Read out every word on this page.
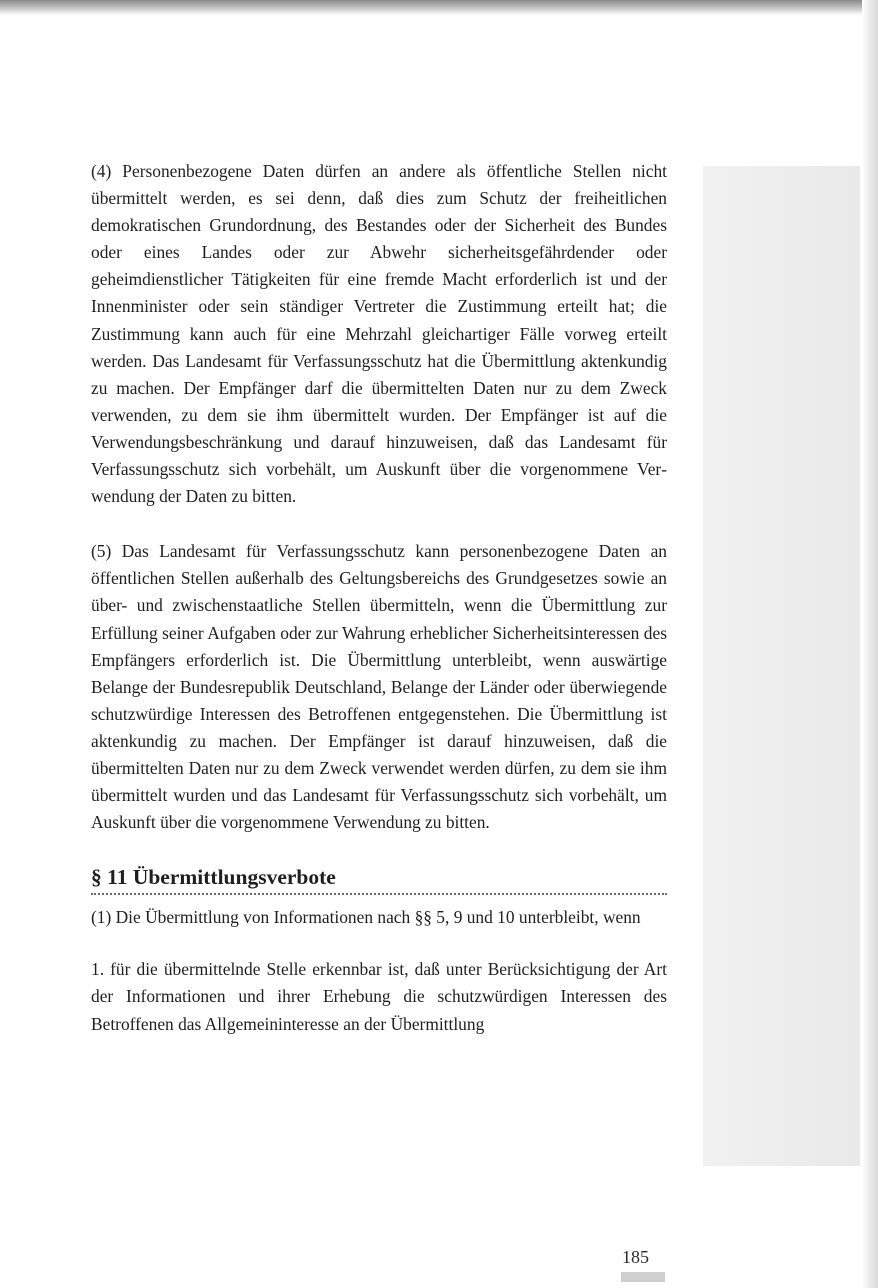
(4) Personenbezogene Daten dürfen an andere als öffentliche Stellen nicht übermittelt werden, es sei denn, daß dies zum Schutz der freiheitlichen demokratischen Grundordnung, des Bestandes oder der Sicherheit des Bundes oder eines Landes oder zur Abwehr sicherheitsgefährdender oder geheimdienstlicher Tätigkeiten für eine fremde Macht erforderlich ist und der Innenminister oder sein ständiger Vertreter die Zustimmung erteilt hat; die Zustimmung kann auch für eine Mehrzahl gleichartiger Fälle vorweg erteilt werden. Das Landesamt für Verfassungsschutz hat die Übermittlung aktenkundig zu machen. Der Empfänger darf die übermittelten Daten nur zu dem Zweck verwenden, zu dem sie ihm übermittelt wurden. Der Empfänger ist auf die Verwendungsbeschränkung und darauf hinzuweisen, daß das Landesamt für Verfassungsschutz sich vorbehält, um Auskunft über die vorgenommene Verwendung der Daten zu bitten.

(5) Das Landesamt für Verfassungsschutz kann personenbezogene Daten an öffentlichen Stellen außerhalb des Geltungsbereichs des Grundgesetzes sowie an über- und zwischenstaatliche Stellen übermitteln, wenn die Übermittlung zur Erfüllung seiner Aufgaben oder zur Wahrung erheblicher Sicherheitsinteressen des Empfängers erforderlich ist. Die Übermittlung unterbleibt, wenn auswärtige Belange der Bundesrepublik Deutschland, Belange der Länder oder überwiegende schutzwürdige Interessen des Betroffenen entgegenstehen. Die Übermittlung ist aktenkundig zu machen. Der Empfänger ist darauf hinzuweisen, daß die übermittelten Daten nur zu dem Zweck verwendet werden dürfen, zu dem sie ihm übermittelt wurden und das Landesamt für Verfassungsschutz sich vorbehält, um Auskunft über die vorgenommene Verwendung zu bitten.

§ 11 Übermittlungsverbote

(1) Die Übermittlung von Informationen nach §§ 5, 9 und 10 unterbleibt, wenn

1. für die übermittelnde Stelle erkennbar ist, daß unter Berücksichtigung der Art der Informationen und ihrer Erhebung die schutzwürdigen Interessen des Betroffenen das Allgemeininteresse an der Übermittlung

185
